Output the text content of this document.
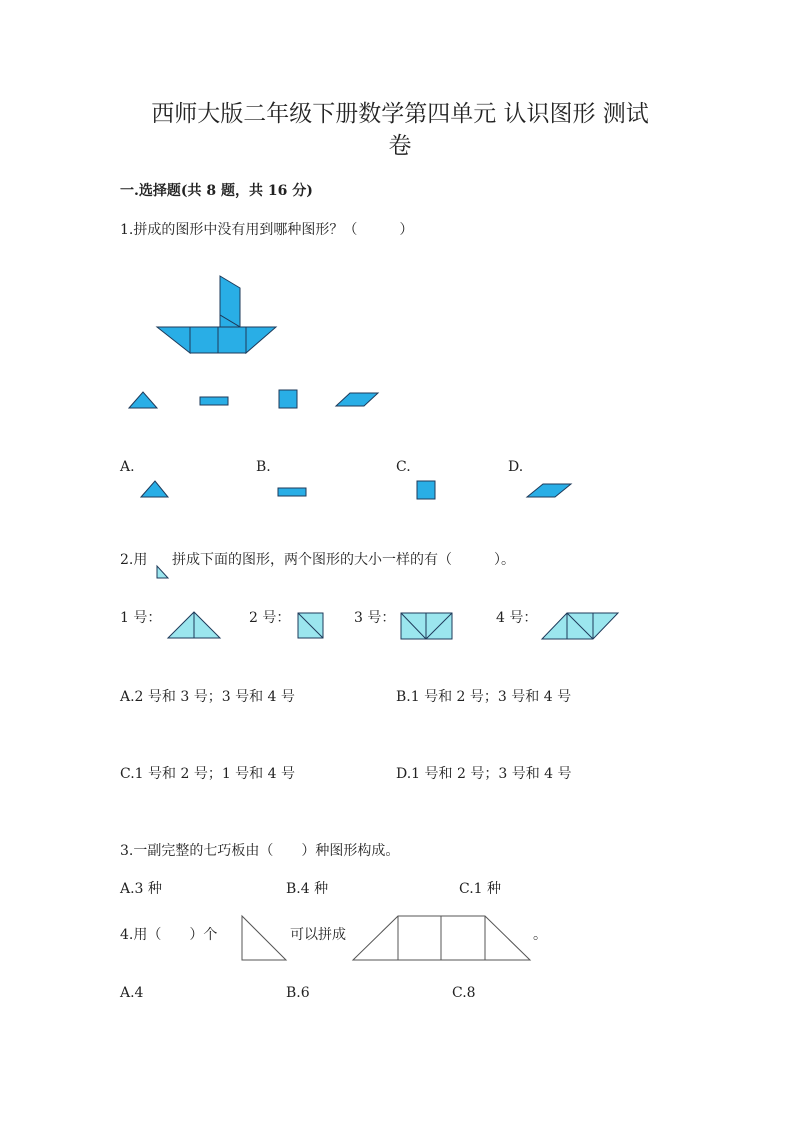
西师大版二年级下册数学第四单元 认识图形 测试
卷
一.选择题(共 8 题，共 16 分)
1.拼成的图形中没有用到哪种图形？（　　　）
A.	B.	C.	D.
2.用 拼成下面的图形，两个图形的大小一样的有（　　　）。
1 号：	2 号：	3 号：	4 号：
A.2 号和 3 号；3 号和 4 号	B.1 号和 2 号；3 号和 4 号
C.1 号和 2 号；1 号和 4 号	D.1 号和 2 号；3 号和 4 号
3.一副完整的七巧板由（　　）种图形构成。
A.3 种	B.4 种	C.1 种
4.用（　　）个	可以拼成	。
A.4	B.6	C.8
